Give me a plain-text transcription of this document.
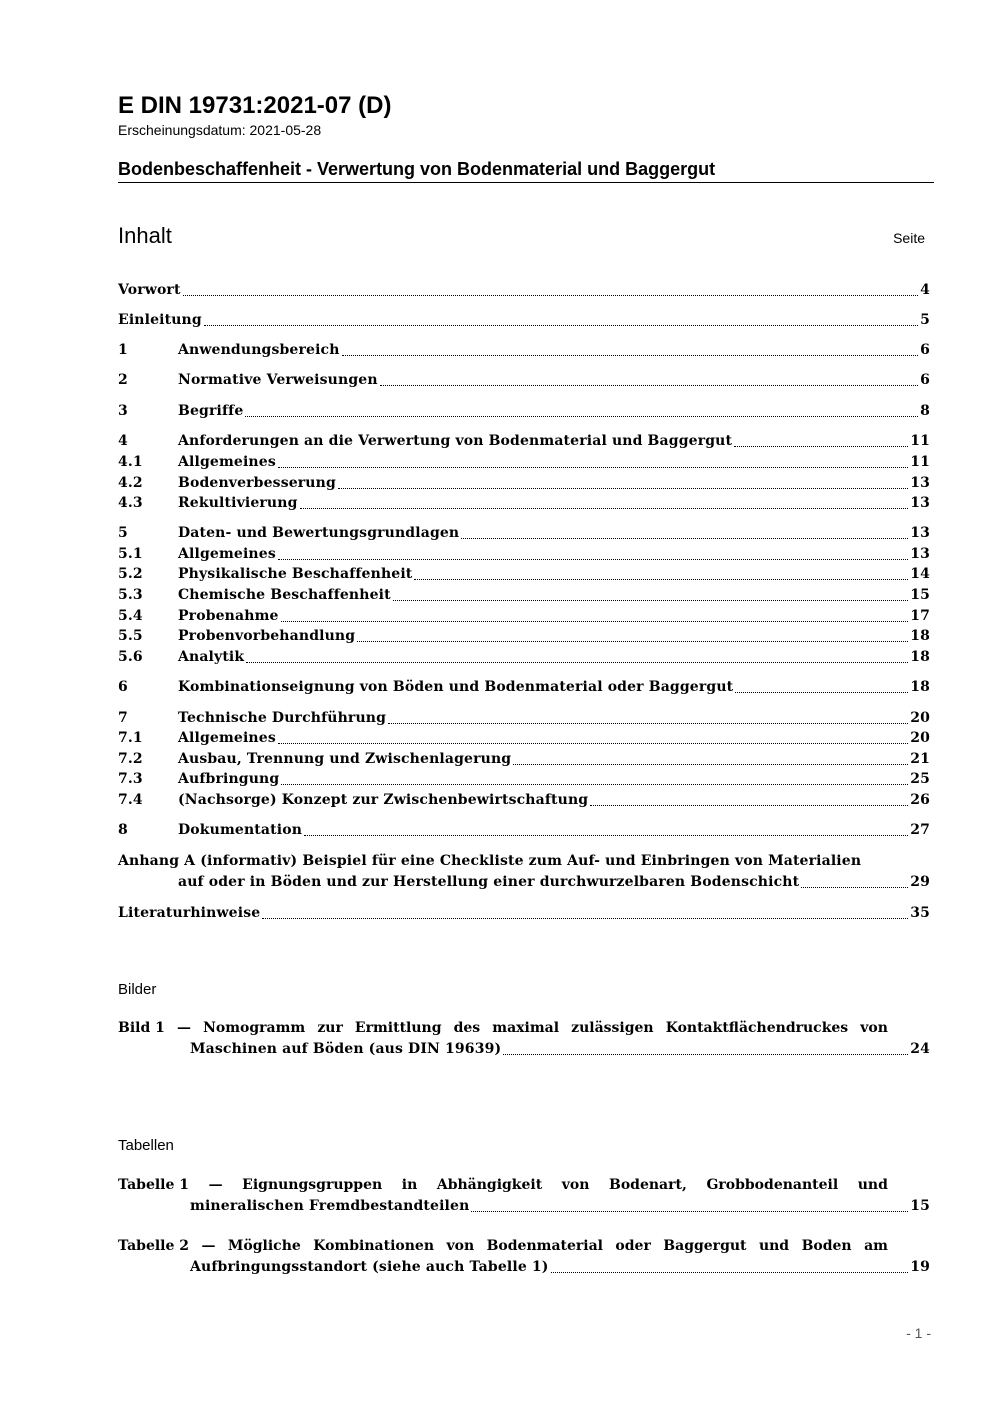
E DIN 19731:2021-07 (D)
Erscheinungsdatum: 2021-05-28
Bodenbeschaffenheit - Verwertung von Bodenmaterial und Baggergut
Inhalt	Seite
Vorwort	4
Einleitung	5
1	Anwendungsbereich	6
2	Normative Verweisungen	6
3	Begriffe	8
4	Anforderungen an die Verwertung von Bodenmaterial und Baggergut	11
4.1	Allgemeines	11
4.2	Bodenverbesserung	13
4.3	Rekultivierung	13
5	Daten- und Bewertungsgrundlagen	13
5.1	Allgemeines	13
5.2	Physikalische Beschaffenheit	14
5.3	Chemische Beschaffenheit	15
5.4	Probenahme	17
5.5	Probenvorbehandlung	18
5.6	Analytik	18
6	Kombinationseignung von Böden und Bodenmaterial oder Baggergut	18
7	Technische Durchführung	20
7.1	Allgemeines	20
7.2	Ausbau, Trennung und Zwischenlagerung	21
7.3	Aufbringung	25
7.4	(Nachsorge) Konzept zur Zwischenbewirtschaftung	26
8	Dokumentation	27
Anhang A (informativ) Beispiel für eine Checkliste zum Auf- und Einbringen von Materialien
auf oder in Böden und zur Herstellung einer durchwurzelbaren Bodenschicht	29
Literaturhinweise	35
Bilder
Bild 1 — Nomogramm zur Ermittlung des maximal zulässigen Kontaktflächendruckes von
Maschinen auf Böden (aus DIN 19639)	24
Tabellen
Tabelle 1 — Eignungsgruppen in Abhängigkeit von Bodenart, Grobbodenanteil und
mineralischen Fremdbestandteilen	15
Tabelle 2 — Mögliche Kombinationen von Bodenmaterial oder Baggergut und Boden am
Aufbringungsstandort (siehe auch Tabelle 1)	19
- 1 -
